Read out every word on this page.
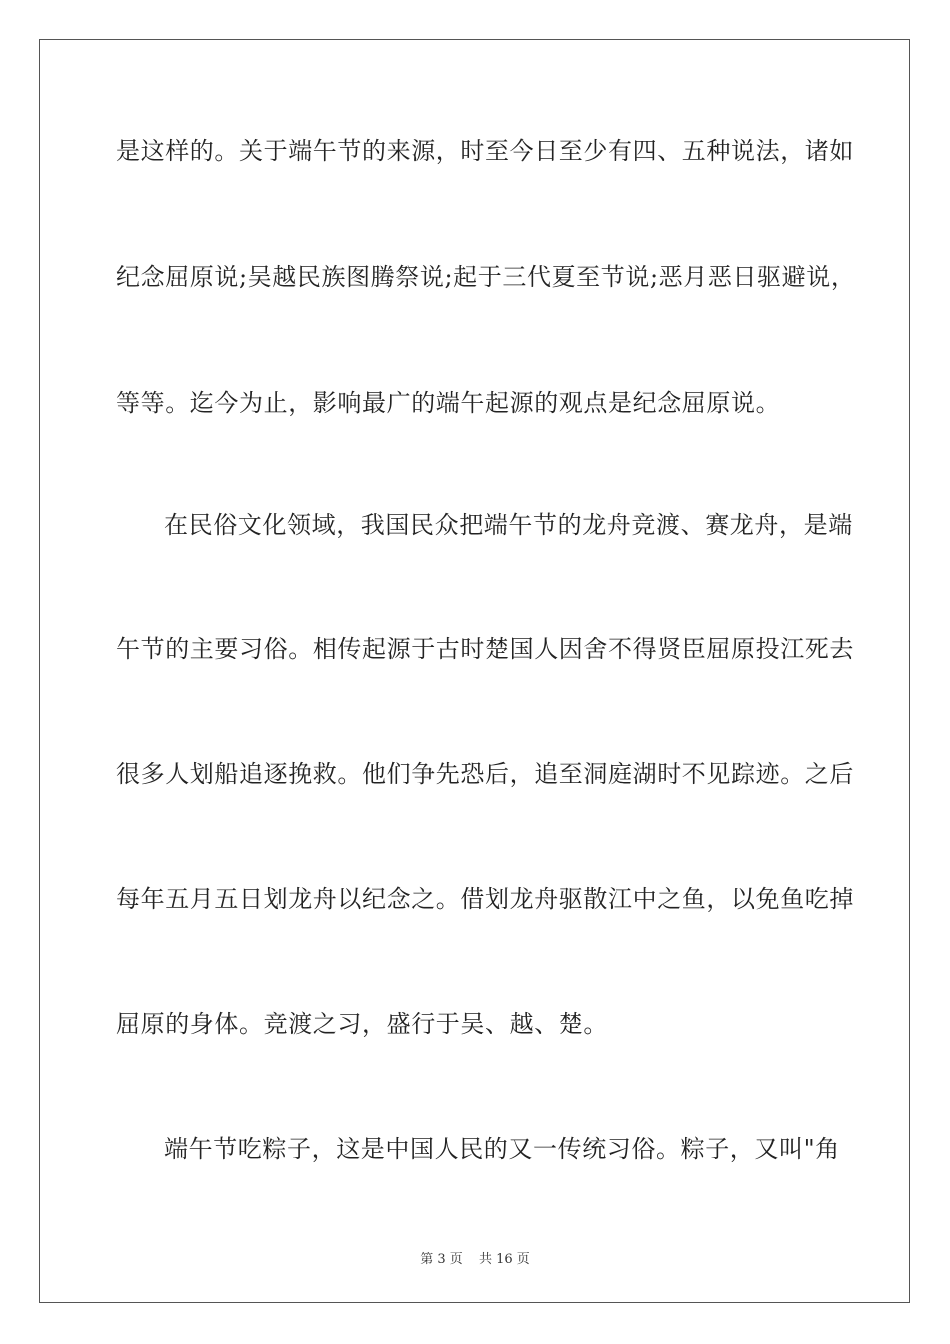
是这样的。关于端午节的来源，时至今日至少有四、五种说法，诸如
纪念屈原说;吴越民族图腾祭说;起于三代夏至节说;恶月恶日驱避说，
等等。迄今为止，影响最广的端午起源的观点是纪念屈原说。
在民俗文化领域，我国民众把端午节的龙舟竞渡、赛龙舟，是端
午节的主要习俗。相传起源于古时楚国人因舍不得贤臣屈原投江死去
很多人划船追逐挽救。他们争先恐后，追至洞庭湖时不见踪迹。之后
每年五月五日划龙舟以纪念之。借划龙舟驱散江中之鱼，以免鱼吃掉
屈原的身体。竞渡之习，盛行于吴、越、楚。
端午节吃粽子，这是中国人民的又一传统习俗。粽子，又叫"角
第 3 页 共 16 页
